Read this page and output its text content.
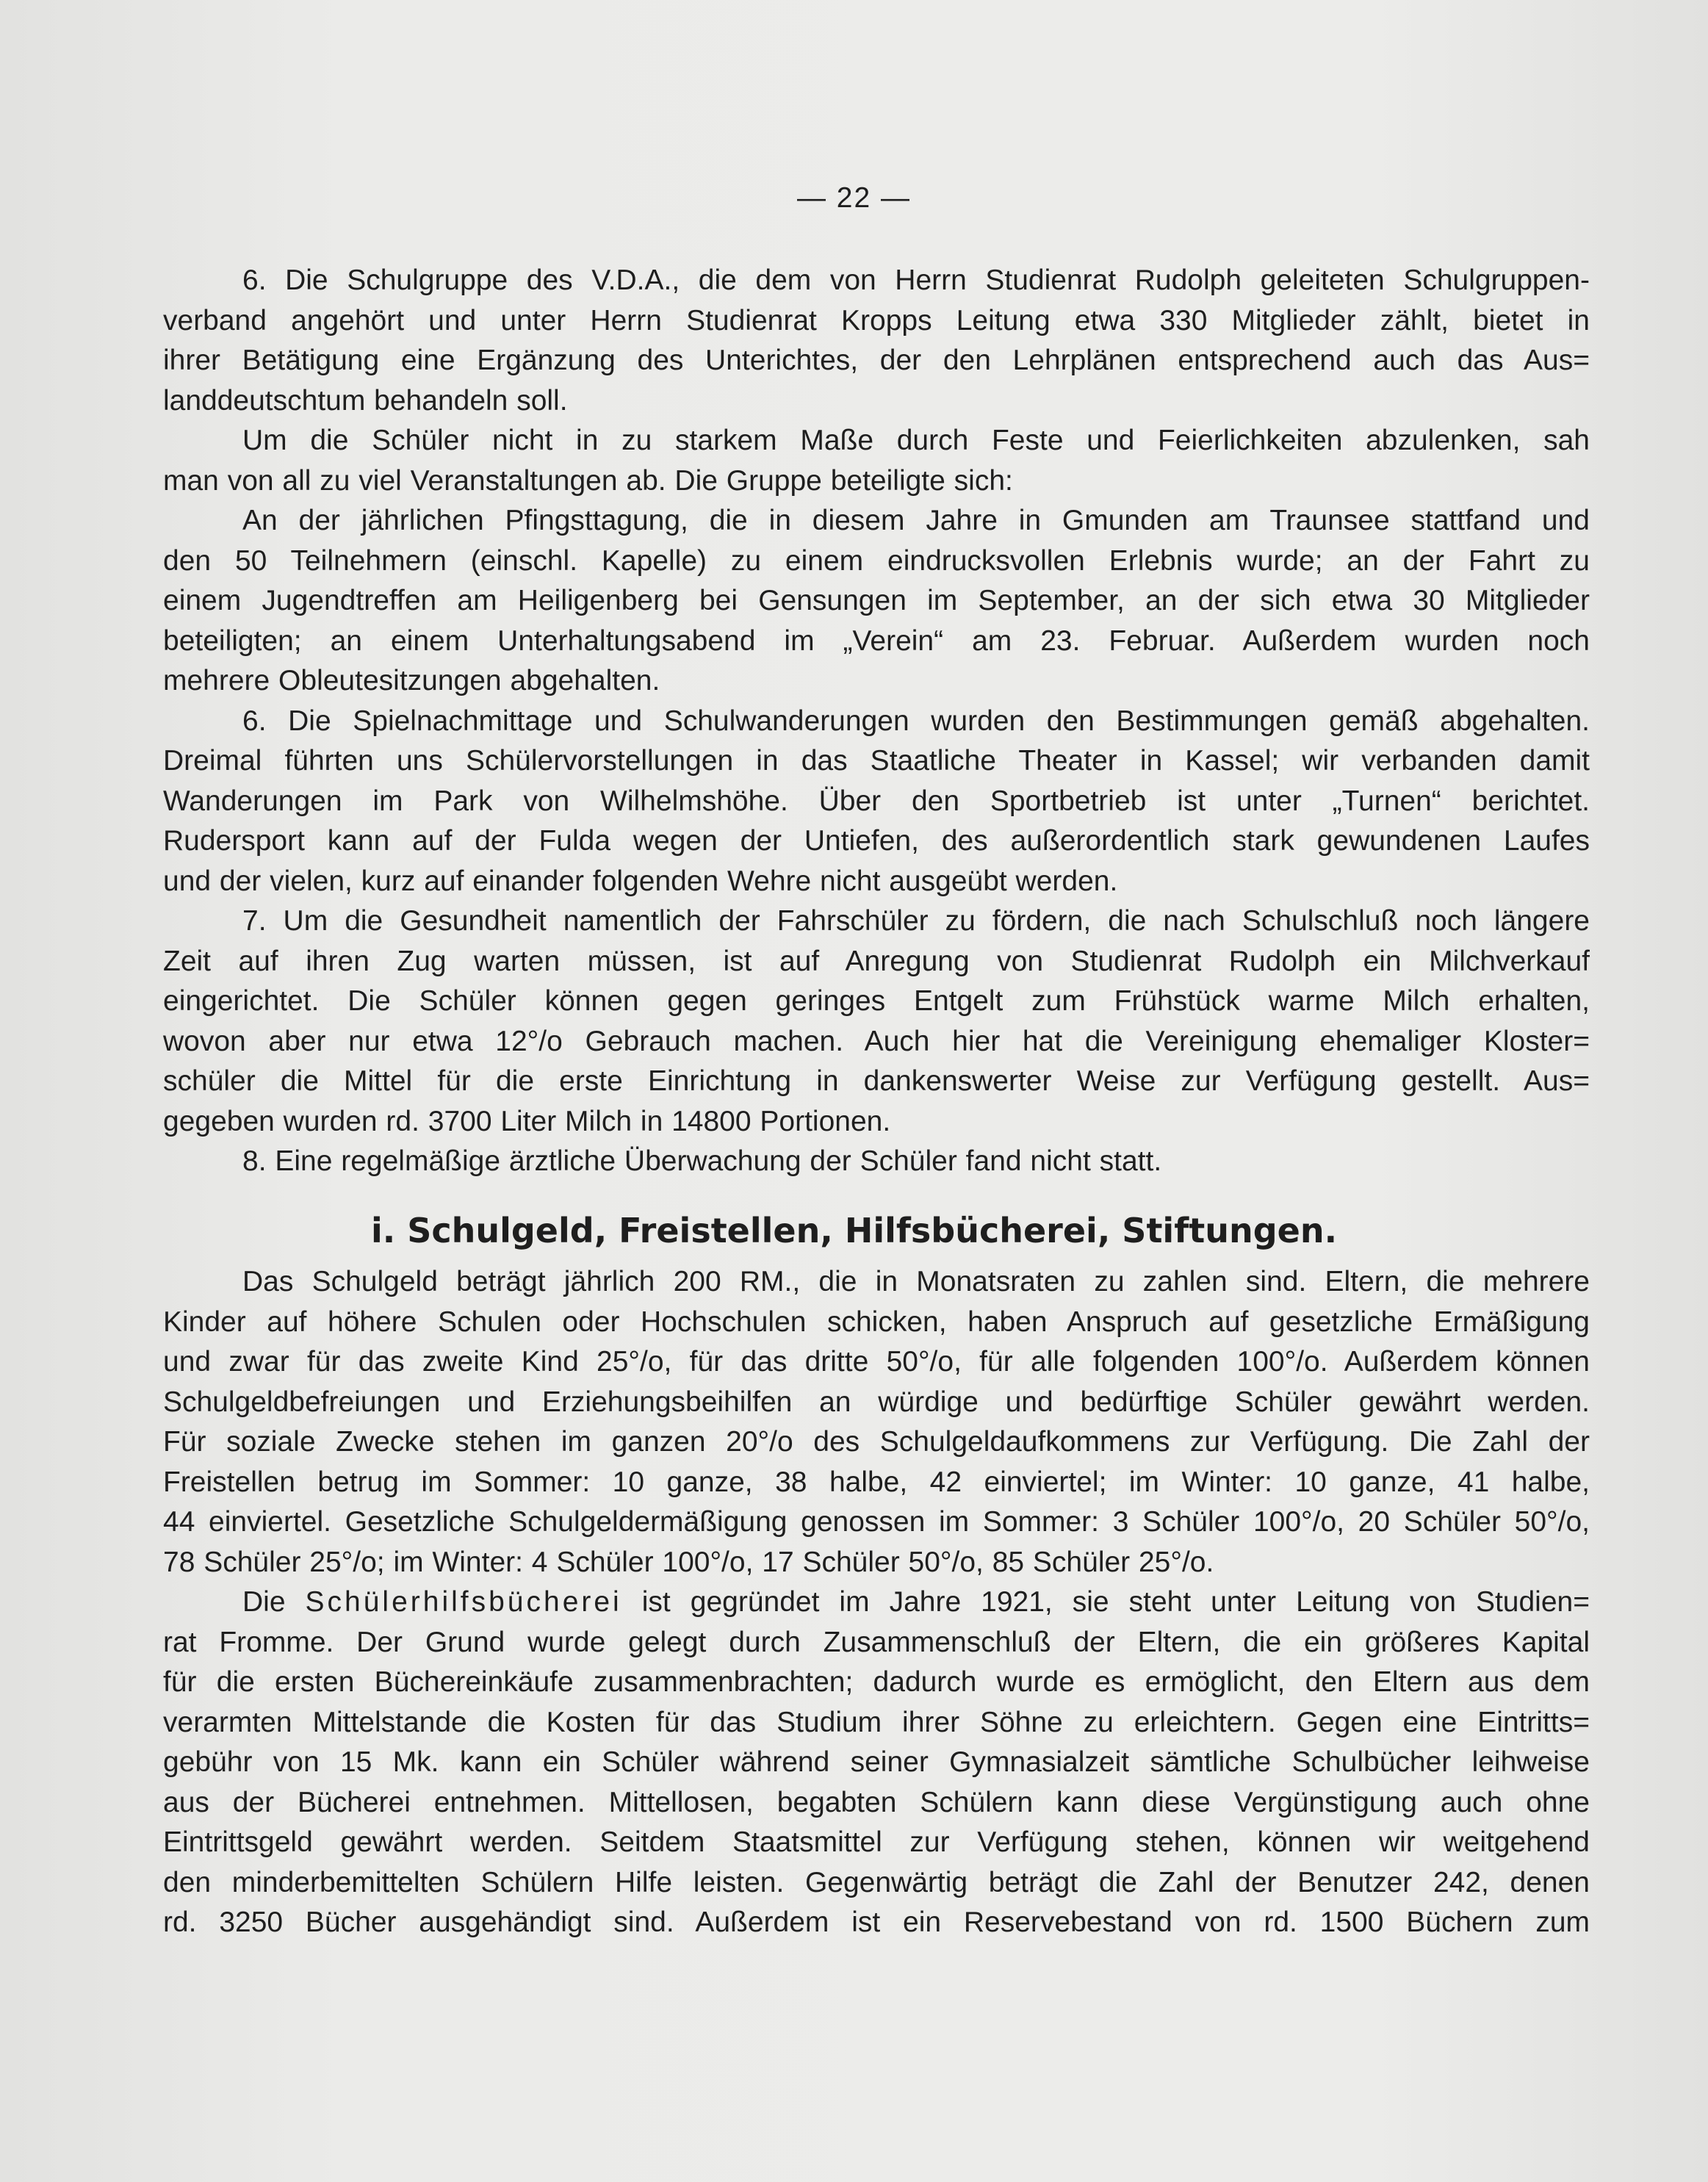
— 22 —

6. Die Schulgruppe des V.D.A., die dem von Herrn Studienrat Rudolph geleiteten Schulgruppen-
verband angehört und unter Herrn Studienrat Kropps Leitung etwa 330 Mitglieder zählt, bietet in
ihrer Betätigung eine Ergänzung des Unterichtes, der den Lehrplänen entsprechend auch das Aus=
landdeutschtum behandeln soll.

Um die Schüler nicht in zu starkem Maße durch Feste und Feierlichkeiten abzulenken, sah
man von all zu viel Veranstaltungen ab. Die Gruppe beteiligte sich:

An der jährlichen Pfingsttagung, die in diesem Jahre in Gmunden am Traunsee stattfand und
den 50 Teilnehmern (einschl. Kapelle) zu einem eindrucksvollen Erlebnis wurde; an der Fahrt zu
einem Jugendtreffen am Heiligenberg bei Gensungen im September, an der sich etwa 30 Mitglieder
beteiligten; an einem Unterhaltungsabend im „Verein“ am 23. Februar. Außerdem wurden noch
mehrere Obleutesitzungen abgehalten.

6. Die Spielnachmittage und Schulwanderungen wurden den Bestimmungen gemäß abgehalten.
Dreimal führten uns Schülervorstellungen in das Staatliche Theater in Kassel; wir verbanden damit
Wanderungen im Park von Wilhelmshöhe. Über den Sportbetrieb ist unter „Turnen“ berichtet.
Rudersport kann auf der Fulda wegen der Untiefen, des außerordentlich stark gewundenen Laufes
und der vielen, kurz auf einander folgenden Wehre nicht ausgeübt werden.

7. Um die Gesundheit namentlich der Fahrschüler zu fördern, die nach Schulschluß noch längere
Zeit auf ihren Zug warten müssen, ist auf Anregung von Studienrat Rudolph ein Milchverkauf
eingerichtet. Die Schüler können gegen geringes Entgelt zum Frühstück warme Milch erhalten,
wovon aber nur etwa 12°/o Gebrauch machen. Auch hier hat die Vereinigung ehemaliger Kloster=
schüler die Mittel für die erste Einrichtung in dankenswerter Weise zur Verfügung gestellt. Aus=
gegeben wurden rd. 3700 Liter Milch in 14800 Portionen.

8. Eine regelmäßige ärztliche Überwachung der Schüler fand nicht statt.

i. Schulgeld, Freistellen, Hilfsbücherei, Stiftungen.

Das Schulgeld beträgt jährlich 200 RM., die in Monatsraten zu zahlen sind. Eltern, die mehrere
Kinder auf höhere Schulen oder Hochschulen schicken, haben Anspruch auf gesetzliche Ermäßigung
und zwar für das zweite Kind 25°/o, für das dritte 50°/o, für alle folgenden 100°/o. Außerdem können
Schulgeldbefreiungen und Erziehungsbeihilfen an würdige und bedürftige Schüler gewährt werden.
Für soziale Zwecke stehen im ganzen 20°/o des Schulgeldaufkommens zur Verfügung. Die Zahl der
Freistellen betrug im Sommer: 10 ganze, 38 halbe, 42 einviertel; im Winter: 10 ganze, 41 halbe,
44 einviertel. Gesetzliche Schulgeldermäßigung genossen im Sommer: 3 Schüler 100°/o, 20 Schüler 50°/o,
78 Schüler 25°/o; im Winter: 4 Schüler 100°/o, 17 Schüler 50°/o, 85 Schüler 25°/o.

Die Schülerhilfsbücherei ist gegründet im Jahre 1921, sie steht unter Leitung von Studien=
rat Fromme. Der Grund wurde gelegt durch Zusammenschluß der Eltern, die ein größeres Kapital
für die ersten Büchereinkäufe zusammenbrachten; dadurch wurde es ermöglicht, den Eltern aus dem
verarmten Mittelstande die Kosten für das Studium ihrer Söhne zu erleichtern. Gegen eine Eintritts=
gebühr von 15 Mk. kann ein Schüler während seiner Gymnasialzeit sämtliche Schulbücher leihweise
aus der Bücherei entnehmen. Mittellosen, begabten Schülern kann diese Vergünstigung auch ohne
Eintrittsgeld gewährt werden. Seitdem Staatsmittel zur Verfügung stehen, können wir weitgehend
den minderbemittelten Schülern Hilfe leisten. Gegenwärtig beträgt die Zahl der Benutzer 242, denen
rd. 3250 Bücher ausgehändigt sind. Außerdem ist ein Reservebestand von rd. 1500 Büchern zum
